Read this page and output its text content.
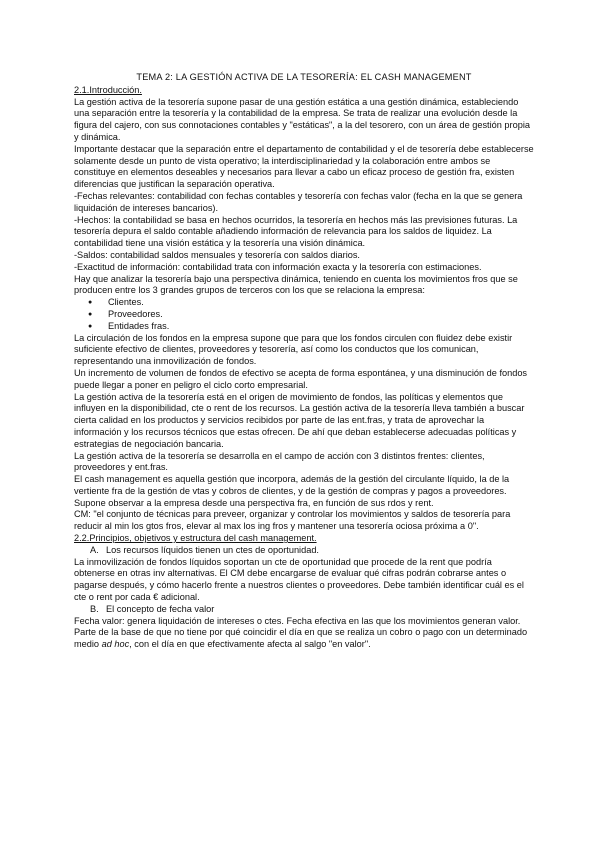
TEMA 2: LA GESTIÓN ACTIVA DE LA TESORERÍA: EL CASH MANAGEMENT

2.1.Introducción.

La gestión activa de la tesorería supone pasar de una gestión estática a una gestión dinámica, estableciendo una separación entre la tesorería y la contabilidad de la empresa. Se trata de realizar una evolución desde la figura del cajero, con sus connotaciones contables y "estáticas", a la del tesorero, con un área de gestión propia y dinámica.

Importante destacar que la separación entre el departamento de contabilidad y el de tesorería debe establecerse solamente desde un punto de vista operativo; la interdisciplinariedad y la colaboración entre ambos se constituye en elementos deseables y necesarios para llevar a cabo un eficaz proceso de gestión fra, existen diferencias que justifican la separación operativa.

-Fechas relevantes: contabilidad con fechas contables y tesorería con fechas valor (fecha en la que se genera liquidación de intereses bancarios).

-Hechos: la contabilidad se basa en hechos ocurridos, la tesorería en hechos más las previsiones futuras. La tesorería depura el saldo contable añadiendo información de relevancia para los saldos de liquidez. La contabilidad tiene una visión estática y la tesorería una visión dinámica.

-Saldos: contabilidad saldos mensuales y tesorería con saldos diarios.

-Exactitud de información: contabilidad trata con información exacta y la tesorería con estimaciones.

Hay que analizar la tesorería bajo una perspectiva dinámica, teniendo en cuenta los movimientos fros que se producen entre los 3 grandes grupos de terceros con los que se relaciona la empresa:

● Clientes.
● Proveedores.
● Entidades fras.

La circulación de los fondos en la empresa supone que para que los fondos circulen con fluidez debe existir suficiente efectivo de clientes, proveedores y tesorería, así como los conductos que los comunican, representando una inmovilización de fondos.

Un incremento de volumen de fondos de efectivo se acepta de forma espontánea, y una disminución de fondos puede llegar a poner en peligro el ciclo corto empresarial.

La gestión activa de la tesorería está en el origen de movimiento de fondos, las políticas y elementos que influyen en la disponibilidad, cte o rent de los recursos. La gestión activa de la tesorería lleva también a buscar cierta calidad en los productos y servicios recibidos por parte de las ent.fras, y trata de aprovechar la información y los recursos técnicos que estas ofrecen. De ahí que deban establecerse adecuadas políticas y estrategias de negociación bancaria.

La gestión activa de la tesorería se desarrolla en el campo de acción con 3 distintos frentes: clientes, proveedores y ent.fras.

El cash management es aquella gestión que incorpora, además de la gestión del circulante líquido, la de la vertiente fra de la gestión de vtas y cobros de clientes, y de la gestión de compras y pagos a proveedores. Supone observar a la empresa desde una perspectiva fra, en función de sus rdos y rent.

CM: "el conjunto de técnicas para preveer, organizar y controlar los movimientos y saldos de tesorería para reducir al min los gtos fros, elevar al max los ing fros y mantener una tesorería ociosa próxima a 0".

2.2.Principios, objetivos y estructura del cash management.

A. Los recursos líquidos tienen un ctes de oportunidad.

La inmovilización de fondos líquidos soportan un cte de oportunidad que procede de la rent que podría obtenerse en otras inv alternativas. El CM debe encargarse de evaluar qué cifras podrán cobrarse antes o pagarse después, y cómo hacerlo frente a nuestros clientes o proveedores. Debe también identificar cuál es el cte o rent por cada € adicional.

B. El concepto de fecha valor

Fecha valor: genera liquidación de intereses o ctes. Fecha efectiva en las que los movimientos generan valor.

Parte de la base de que no tiene por qué coincidir el día en que se realiza un cobro o pago con un determinado medio ad hoc, con el día en que efectivamente afecta al salgo "en valor".
